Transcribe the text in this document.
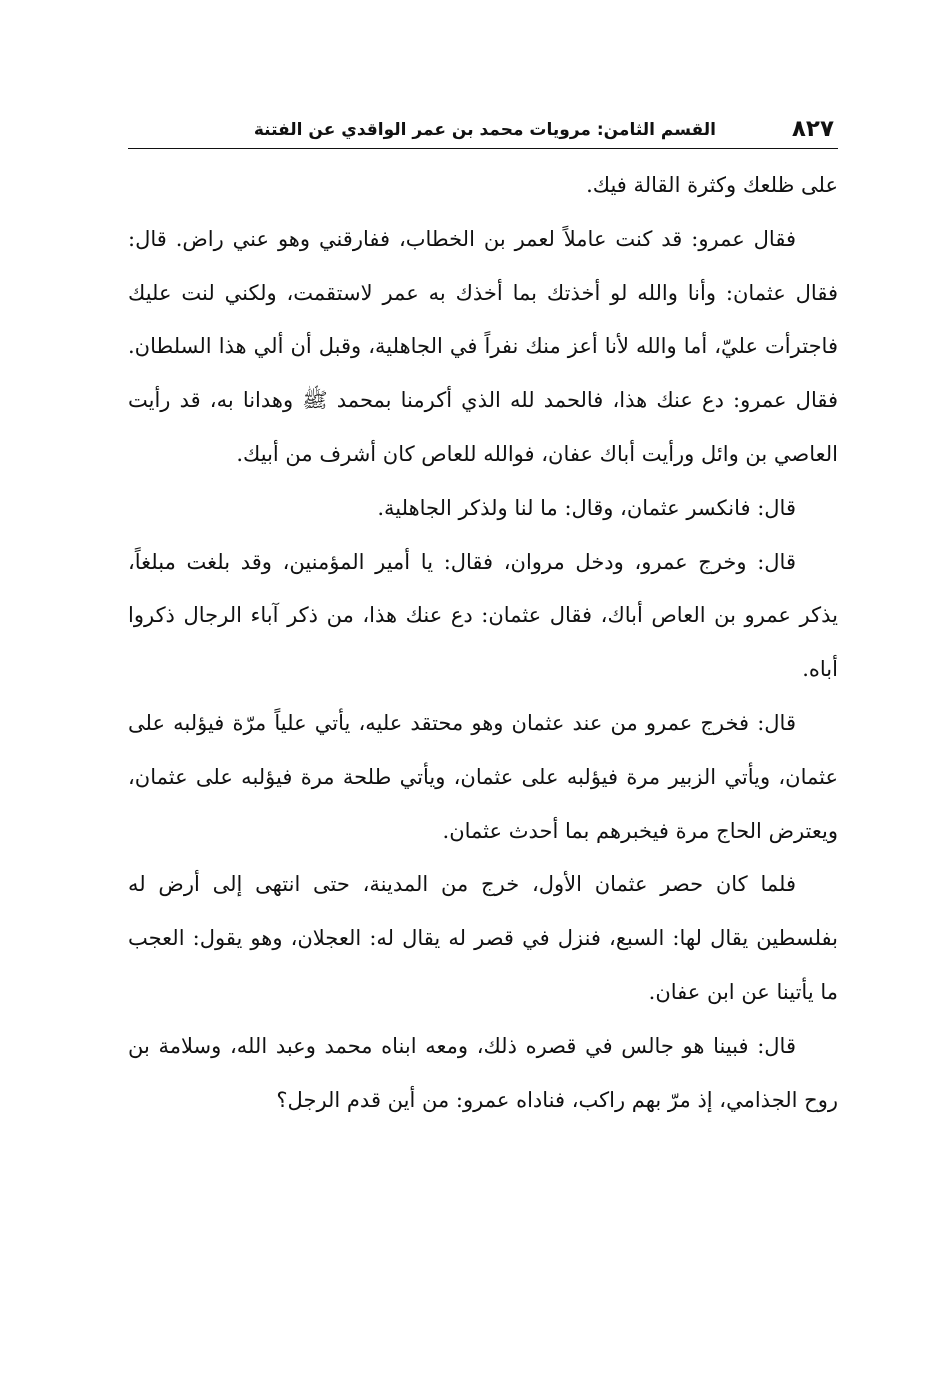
٨٢٧
القسم الثامن: مرويات محمد بن عمر الواقدي عن الفتنة

على ظلعك وكثرة القالة فيك.

فقال عمرو: قد كنت عاملاً لعمر بن الخطاب، ففارقني وهو عني راض. قال: فقال عثمان: وأنا والله لو أخذتك بما أخذك به عمر لاستقمت، ولكني لنت عليك فاجترأت عليّ، أما والله لأنا أعز منك نفراً في الجاهلية، وقبل أن ألي هذا السلطان. فقال عمرو: دع عنك هذا، فالحمد لله الذي أكرمنا بمحمد ﷺ وهدانا به، قد رأيت العاصي بن وائل ورأيت أباك عفان، فوالله للعاص كان أشرف من أبيك.

قال: فانكسر عثمان، وقال: ما لنا ولذكر الجاهلية.

قال: وخرج عمرو، ودخل مروان، فقال: يا أمير المؤمنين، وقد بلغت مبلغاً، يذكر عمرو بن العاص أباك، فقال عثمان: دع عنك هذا، من ذكر آباء الرجال ذكروا أباه.

قال: فخرج عمرو من عند عثمان وهو محتقد عليه، يأتي علياً مرّة فيؤلبه على عثمان، ويأتي الزبير مرة فيؤلبه على عثمان، ويأتي طلحة مرة فيؤلبه على عثمان، ويعترض الحاج مرة فيخبرهم بما أحدث عثمان.

فلما كان حصر عثمان الأول، خرج من المدينة، حتى انتهى إلى أرض له بفلسطين يقال لها: السبع، فنزل في قصر له يقال له: العجلان، وهو يقول: العجب ما يأتينا عن ابن عفان.

قال: فبينا هو جالس في قصره ذلك، ومعه ابناه محمد وعبد الله، وسلامة بن روح الجذامي، إذ مرّ بهم راكب، فناداه عمرو: من أين قدم الرجل؟
